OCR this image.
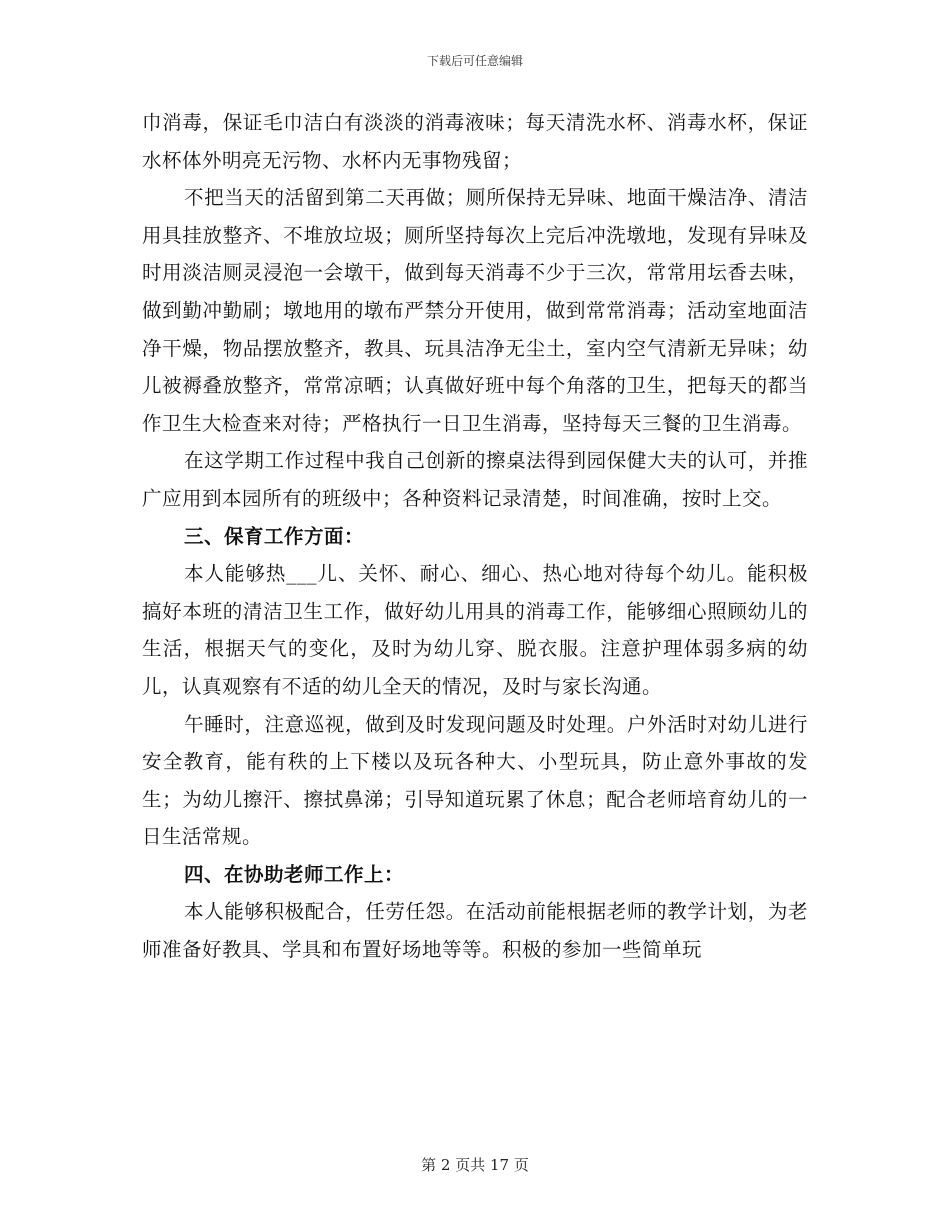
下载后可任意编辑

巾消毒，保证毛巾洁白有淡淡的消毒液味；每天清洗水杯、消毒水杯，保证水杯体外明亮无污物、水杯内无事物残留；

不把当天的活留到第二天再做；厕所保持无异味、地面干燥洁净、清洁用具挂放整齐、不堆放垃圾；厕所坚持每次上完后冲洗墩地，发现有异味及时用淡洁厕灵浸泡一会墩干，做到每天消毒不少于三次，常常用坛香去味，做到勤冲勤刷；墩地用的墩布严禁分开使用，做到常常消毒；活动室地面洁净干燥，物品摆放整齐，教具、玩具洁净无尘土，室内空气清新无异味；幼儿被褥叠放整齐，常常凉晒；认真做好班中每个角落的卫生，把每天的都当作卫生大检查来对待；严格执行一日卫生消毒，坚持每天三餐的卫生消毒。

在这学期工作过程中我自己创新的擦桌法得到园保健大夫的认可，并推广应用到本园所有的班级中；各种资料记录清楚，时间准确，按时上交。

三、保育工作方面：

本人能够热___儿、关怀、耐心、细心、热心地对待每个幼儿。能积极搞好本班的清洁卫生工作，做好幼儿用具的消毒工作，能够细心照顾幼儿的生活，根据天气的变化，及时为幼儿穿、脱衣服。注意护理体弱多病的幼儿，认真观察有不适的幼儿全天的情况，及时与家长沟通。

午睡时，注意巡视，做到及时发现问题及时处理。户外活时对幼儿进行安全教育，能有秩的上下楼以及玩各种大、小型玩具，防止意外事故的发生；为幼儿擦汗、擦拭鼻涕；引导知道玩累了休息；配合老师培育幼儿的一日生活常规。

四、在协助老师工作上：

本人能够积极配合，任劳任怨。在活动前能根据老师的教学计划，为老师准备好教具、学具和布置好场地等等。积极的参加一些简单玩

第 2 页共 17 页
